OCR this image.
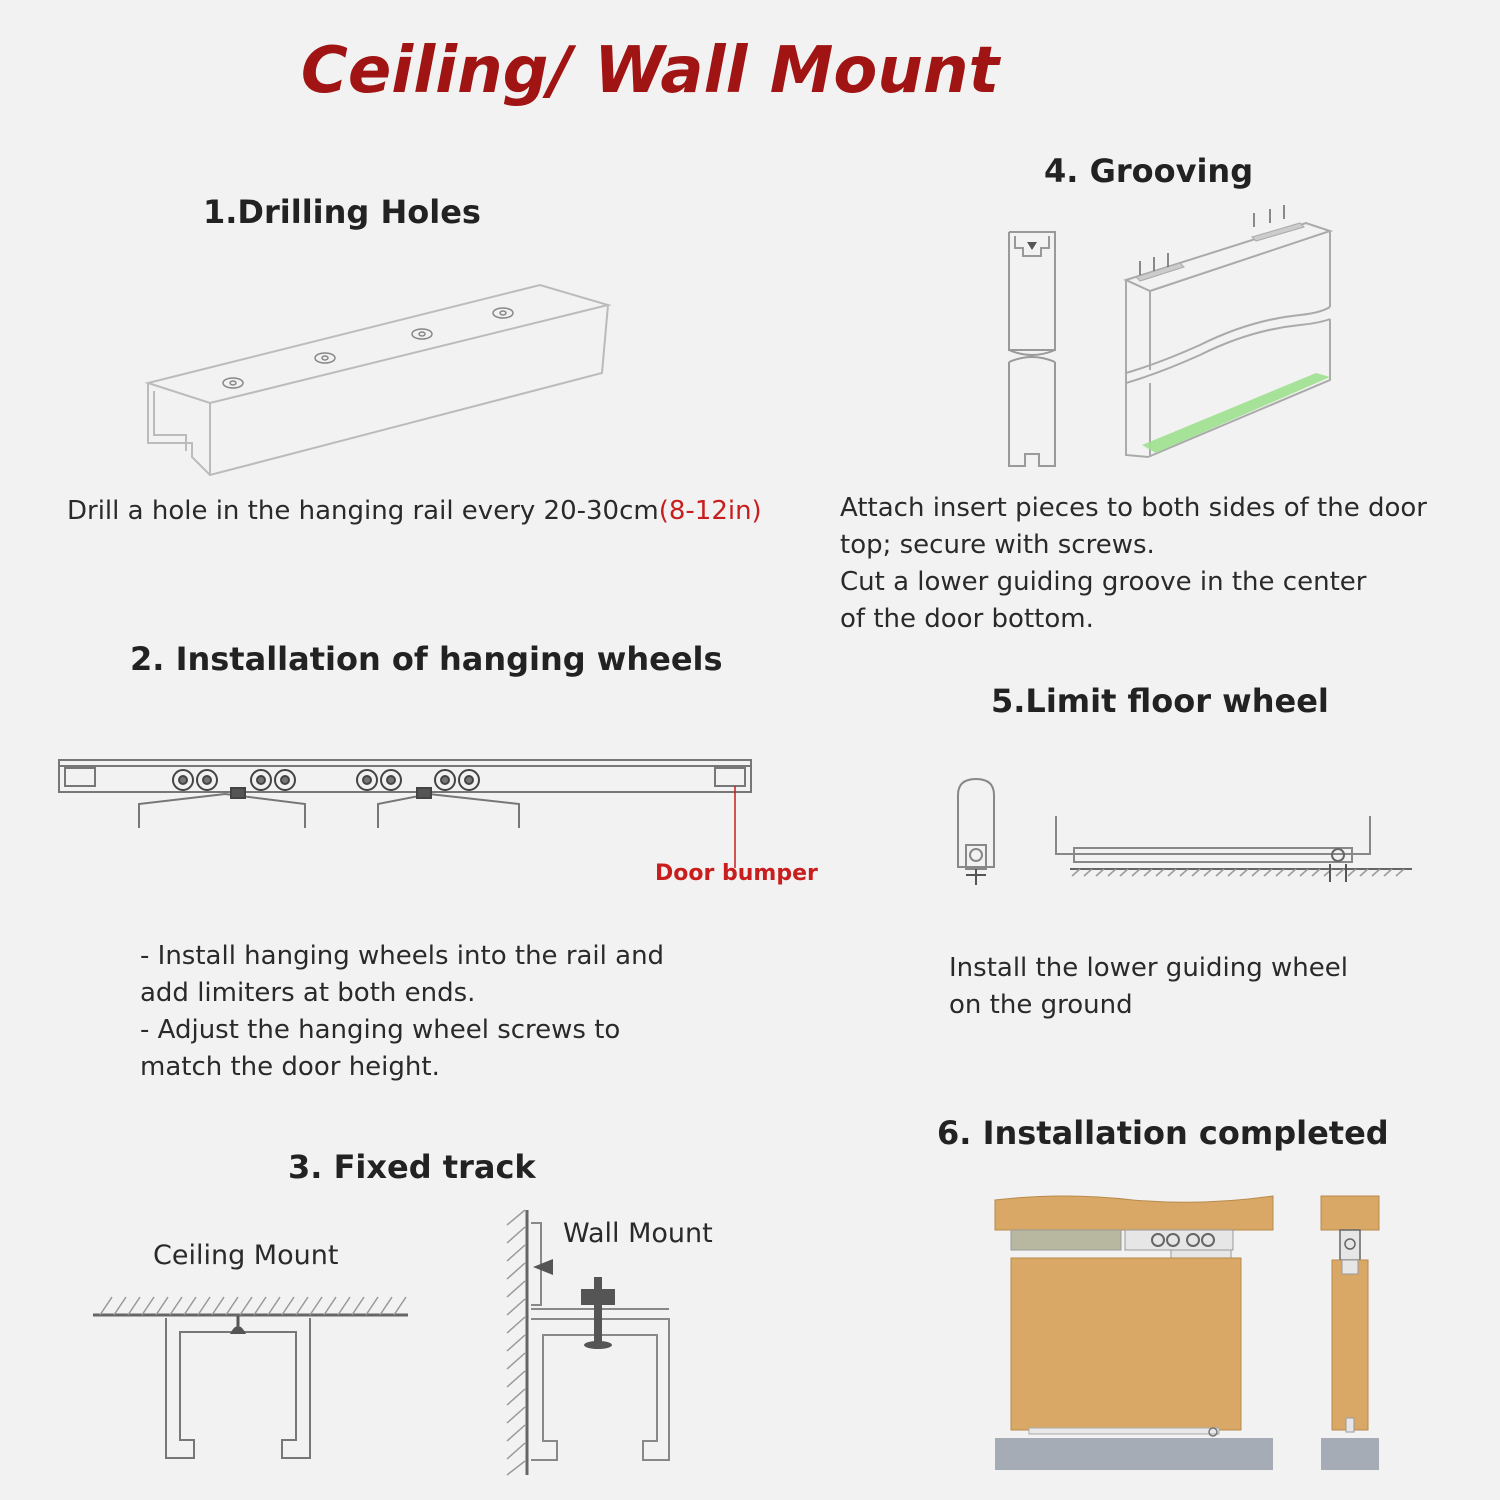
Ceiling/ Wall Mount
1.Drilling Holes
Drill a hole in the hanging rail every 20-30cm(8-12in)
2. Installation of hanging wheels
Door bumper
- Install hanging wheels into the rail and
add limiters at both ends.
- Adjust the hanging wheel screws to
match the door height.
3. Fixed track
Ceiling Mount
Wall Mount
4. Grooving
Attach insert pieces to both sides of the door
top; secure with screws.
Cut a lower guiding groove in the center
of the door bottom.
5.Limit floor wheel
Install the lower guiding wheel
on the ground
6. Installation completed
